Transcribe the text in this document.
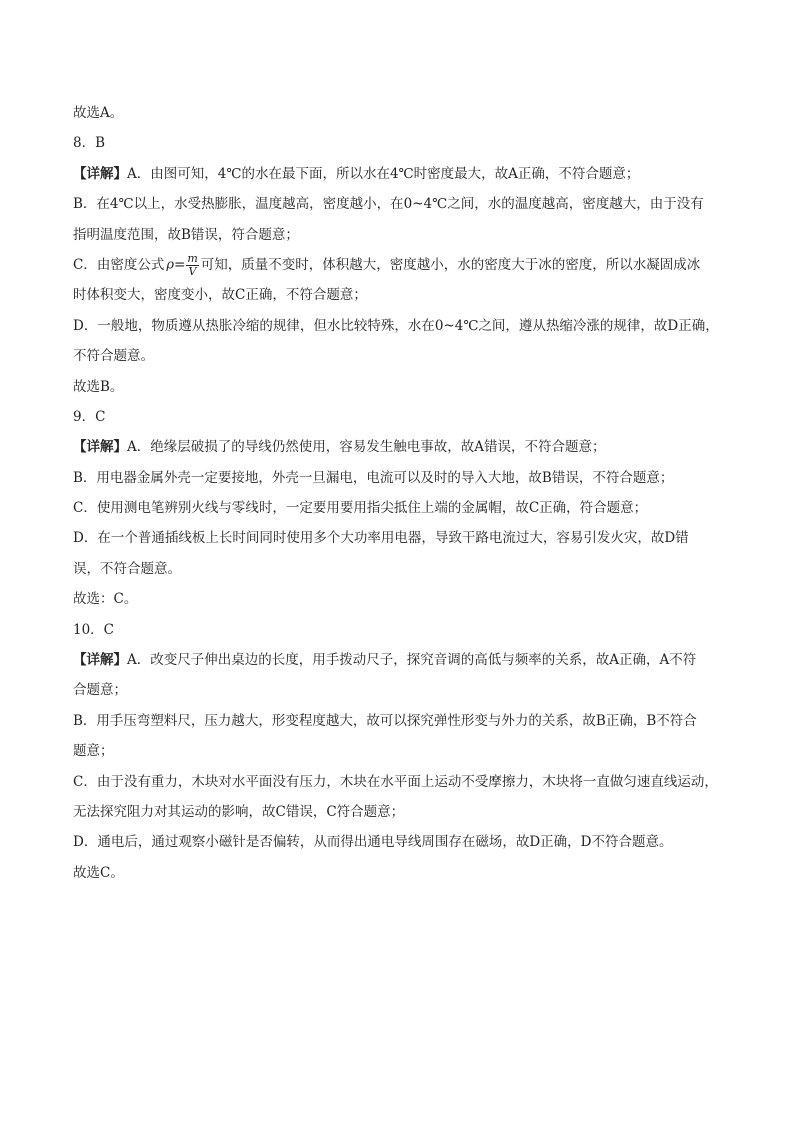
故选A。
8．B
【详解】A．由图可知，4℃的水在最下面，所以水在4℃时密度最大，故A正确，不符合题意；
B．在4℃以上，水受热膨胀，温度越高，密度越小，在0~4℃之间，水的温度越高，密度越大，由于没有
指明温度范围，故B错误，符合题意；
C．由密度公式 $\rho= \frac{m}{V}$ 可知，质量不变时，体积越大，密度越小，水的密度大于冰的密度，所以水凝固成冰
时体积变大，密度变小，故C正确，不符合题意；
D．一般地，物质遵从热胀冷缩的规律，但水比较特殊，水在0~4℃之间，遵从热缩冷涨的规律，故D正确，
不符合题意。
故选B。
9．C
【详解】A．绝缘层破损了的导线仍然使用，容易发生触电事故，故A错误，不符合题意；
B．用电器金属外壳一定要接地，外壳一旦漏电，电流可以及时的导入大地，故B错误，不符合题意；
C．使用测电笔辨别火线与零线时，一定要用要用指尖抵住上端的金属帽，故C正确，符合题意；
D．在一个普通插线板上长时间同时使用多个大功率用电器，导致干路电流过大，容易引发火灾，故D错
误，不符合题意。
故选：C。
10．C
【详解】A．改变尺子伸出桌边的长度，用手拨动尺子，探究音调的高低与频率的关系，故A正确，A不符
合题意；
B．用手压弯塑料尺，压力越大，形变程度越大，故可以探究弹性形变与外力的关系，故B正确，B不符合
题意；
C．由于没有重力，木块对水平面没有压力，木块在水平面上运动不受摩擦力，木块将一直做匀速直线运动，
无法探究阻力对其运动的影响，故C错误，C符合题意；
D．通电后，通过观察小磁针是否偏转，从而得出通电导线周围存在磁场，故D正确，D不符合题意。
故选C。
